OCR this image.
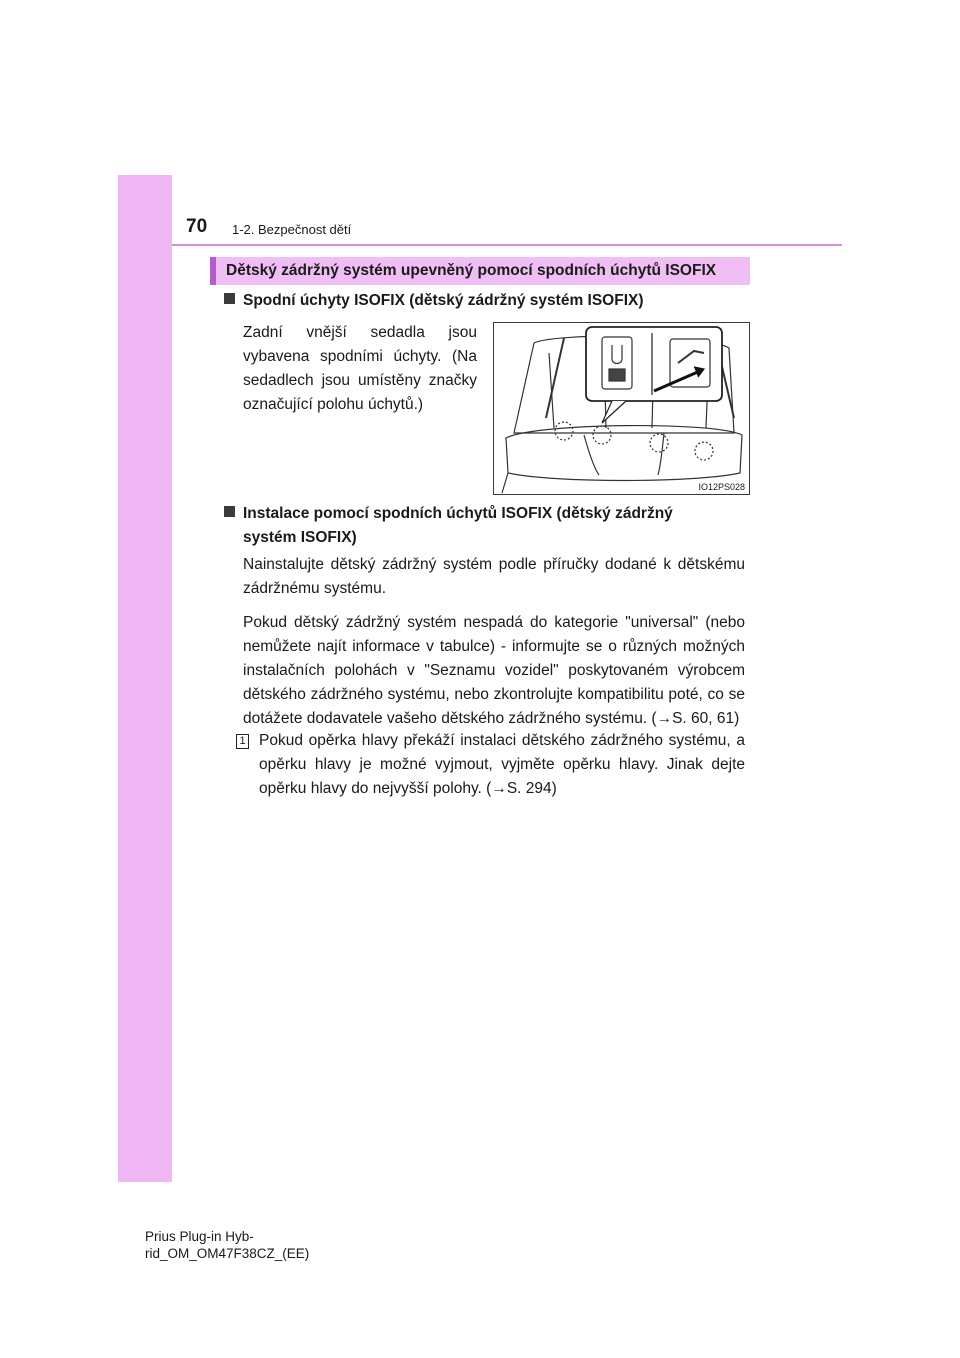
70 1-2. Bezpečnost dětí
Dětský zádržný systém upevněný pomocí spodních úchytů ISOFIX
Spodní úchyty ISOFIX (dětský zádržný systém ISOFIX)

Zadní vnější sedadla jsou vybavena spodními úchyty. (Na sedadlech jsou umístěny značky označující polohu úchytů.)

IO12PS028
Instalace pomocí spodních úchytů ISOFIX (dětský zádržný
systém ISOFIX)

Nainstalujte dětský zádržný systém podle příručky dodané k dětskému zádržnému systému.

Pokud dětský zádržný systém nespadá do kategorie "universal" (nebo nemůžete najít informace v tabulce) - informujte se o různých možných instalačních polohách v "Seznamu vozidel" poskytovaném výrobcem dětského zádržného systému, nebo zkontrolujte kompatibilitu poté, co se dotážete dodavatele vašeho dětského zádržného systému. (→S. 60, 61)

1 Pokud opěrka hlavy překáží instalaci dětského zádržného systému, a opěrku hlavy je možné vyjmout, vyjměte opěrku hlavy. Jinak dejte opěrku hlavy do nejvyšší polohy. (→S. 294)

Prius Plug-in Hyb-
rid_OM_OM47F38CZ_(EE)
